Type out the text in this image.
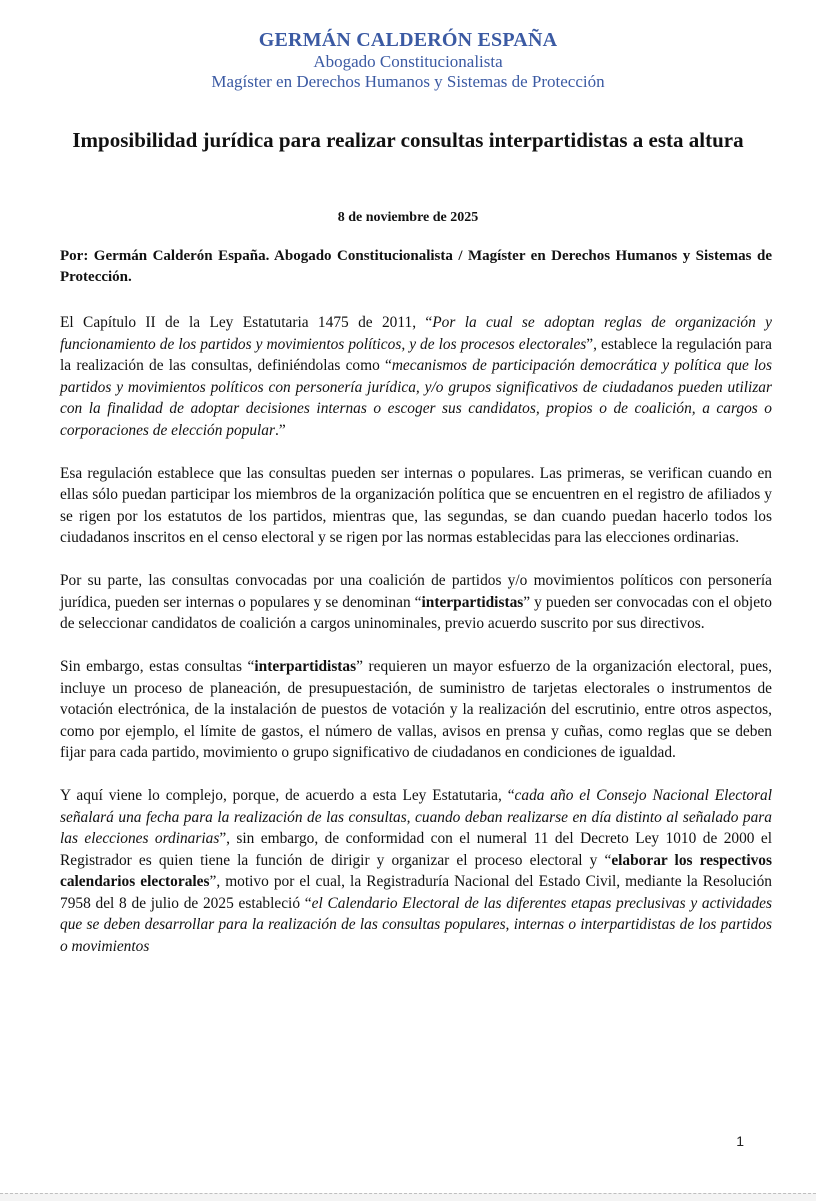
GERMÁN CALDERÓN ESPAÑA
Abogado Constitucionalista
Magíster en Derechos Humanos y Sistemas de Protección
Imposibilidad jurídica para realizar consultas interpartidistas a esta altura
8 de noviembre de 2025
Por: Germán Calderón España. Abogado Constitucionalista / Magíster en Derechos Humanos y Sistemas de Protección.

El Capítulo II de la Ley Estatutaria 1475 de 2011, “Por la cual se adoptan reglas de organización y funcionamiento de los partidos y movimientos políticos, y de los procesos electorales”, establece la regulación para la realización de las consultas, definiéndolas como “mecanismos de participación democrática y política que los partidos y movimientos políticos con personería jurídica, y/o grupos significativos de ciudadanos pueden utilizar con la finalidad de adoptar decisiones internas o escoger sus candidatos, propios o de coalición, a cargos o corporaciones de elección popular.”

Esa regulación establece que las consultas pueden ser internas o populares. Las primeras, se verifican cuando en ellas sólo puedan participar los miembros de la organización política que se encuentren en el registro de afiliados y se rigen por los estatutos de los partidos, mientras que, las segundas, se dan cuando puedan hacerlo todos los ciudadanos inscritos en el censo electoral y se rigen por las normas establecidas para las elecciones ordinarias.

Por su parte, las consultas convocadas por una coalición de partidos y/o movimientos políticos con personería jurídica, pueden ser internas o populares y se denominan “interpartidistas” y pueden ser convocadas con el objeto de seleccionar candidatos de coalición a cargos uninominales, previo acuerdo suscrito por sus directivos.

Sin embargo, estas consultas “interpartidistas” requieren un mayor esfuerzo de la organización electoral, pues, incluye un proceso de planeación, de presupuestación, de suministro de tarjetas electorales o instrumentos de votación electrónica, de la instalación de puestos de votación y la realización del escrutinio, entre otros aspectos, como por ejemplo, el límite de gastos, el número de vallas, avisos en prensa y cuñas, como reglas que se deben fijar para cada partido, movimiento o grupo significativo de ciudadanos en condiciones de igualdad.

Y aquí viene lo complejo, porque, de acuerdo a esta Ley Estatutaria, “cada año el Consejo Nacional Electoral señalará una fecha para la realización de las consultas, cuando deban realizarse en día distinto al señalado para las elecciones ordinarias”, sin embargo, de conformidad con el numeral 11 del Decreto Ley 1010 de 2000 el Registrador es quien tiene la función de dirigir y organizar el proceso electoral y “elaborar los respectivos calendarios electorales”, motivo por el cual, la Registraduría Nacional del Estado Civil, mediante la Resolución 7958 del 8 de julio de 2025 estableció “el Calendario Electoral de las diferentes etapas preclusivas y actividades que se deben desarrollar para la realización de las consultas populares, internas o interpartidistas de los partidos o movimientos

1
